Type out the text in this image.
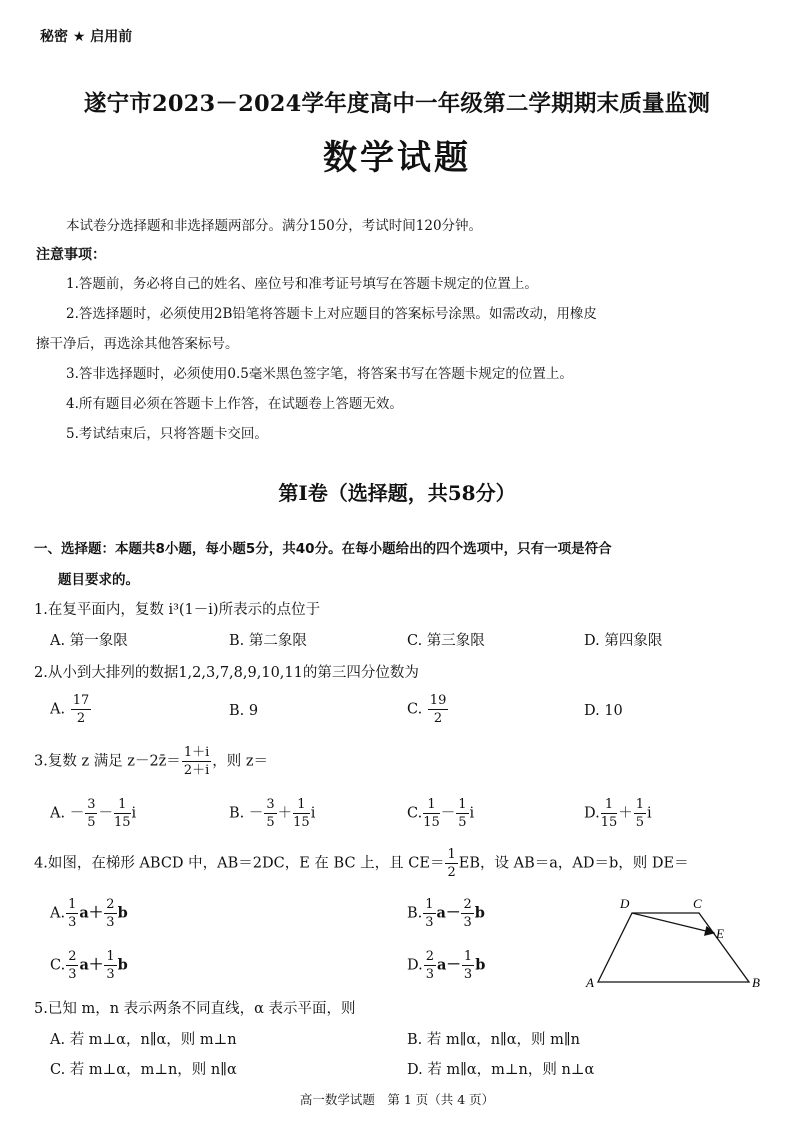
秘密 ★ 启用前
遂宁市2023－2024学年度高中一年级第二学期期末质量监测
数学试题
本试卷分选择题和非选择题两部分。满分150分，考试时间120分钟。
注意事项：
1.答题前，务必将自己的姓名、座位号和准考证号填写在答题卡规定的位置上。
2.答选择题时，必须使用2B铅笔将答题卡上对应题目的答案标号涂黑。如需改动，用橡皮
擦干净后，再选涂其他答案标号。
3.答非选择题时，必须使用0.5毫米黑色签字笔，将答案书写在答题卡规定的位置上。
4.所有题目必须在答题卡上作答，在试题卷上答题无效。
5.考试结束后，只将答题卡交回。
第Ⅰ卷（选择题，共58分）
一、选择题：本题共8小题，每小题5分，共40分。在每小题给出的四个选项中，只有一项是符合
题目要求的。
1.在复平面内，复数 i³(1－i)所表示的点位于
A. 第一象限	B. 第二象限	C. 第三象限	D. 第四象限
2.从小到大排列的数据1,2,3,7,8,9,10,11的第三四分位数为
A. $\frac{17}{2}$	B. 9	C. $\frac{19}{2}$	D. 10
3.复数 z 满足 z－2z̄＝ $\frac{1+i}{2+i}$ ，则 z＝
A. － $\frac{3}{5} - \frac{1}{15}$ i	B. － $\frac{3}{5} + \frac{1}{15}$ i	C. $\frac{1}{15} - \frac{1}{5}$ i	D. $\frac{1}{15} + \frac{1}{5}$ i
4.如图，在梯形 ABCD 中，AB＝2DC，E 在 BC 上，且 $CE= \frac{1}{2}$ EB，设 AB＝a，AD＝b，则 DE＝
A. $\frac{1}{3} a+ \frac{2}{3}$ b	B. $\frac{1}{3} a- \frac{2}{3}$ b
C. $\frac{2}{3} a+ \frac{1}{3}$ b	D. $\frac{2}{3} a- \frac{1}{3}$ b
A	B
C
D
E
5.已知 m，n 表示两条不同直线，α 表示平面，则
A. 若 m⊥α，n∥α，则 m⊥n	B. 若 m∥α，n∥α，则 m∥n
C. 若 m⊥α，m⊥n，则 n∥α	D. 若 m∥α，m⊥n，则 n⊥α
高一数学试题　第 1 页（共 4 页）
